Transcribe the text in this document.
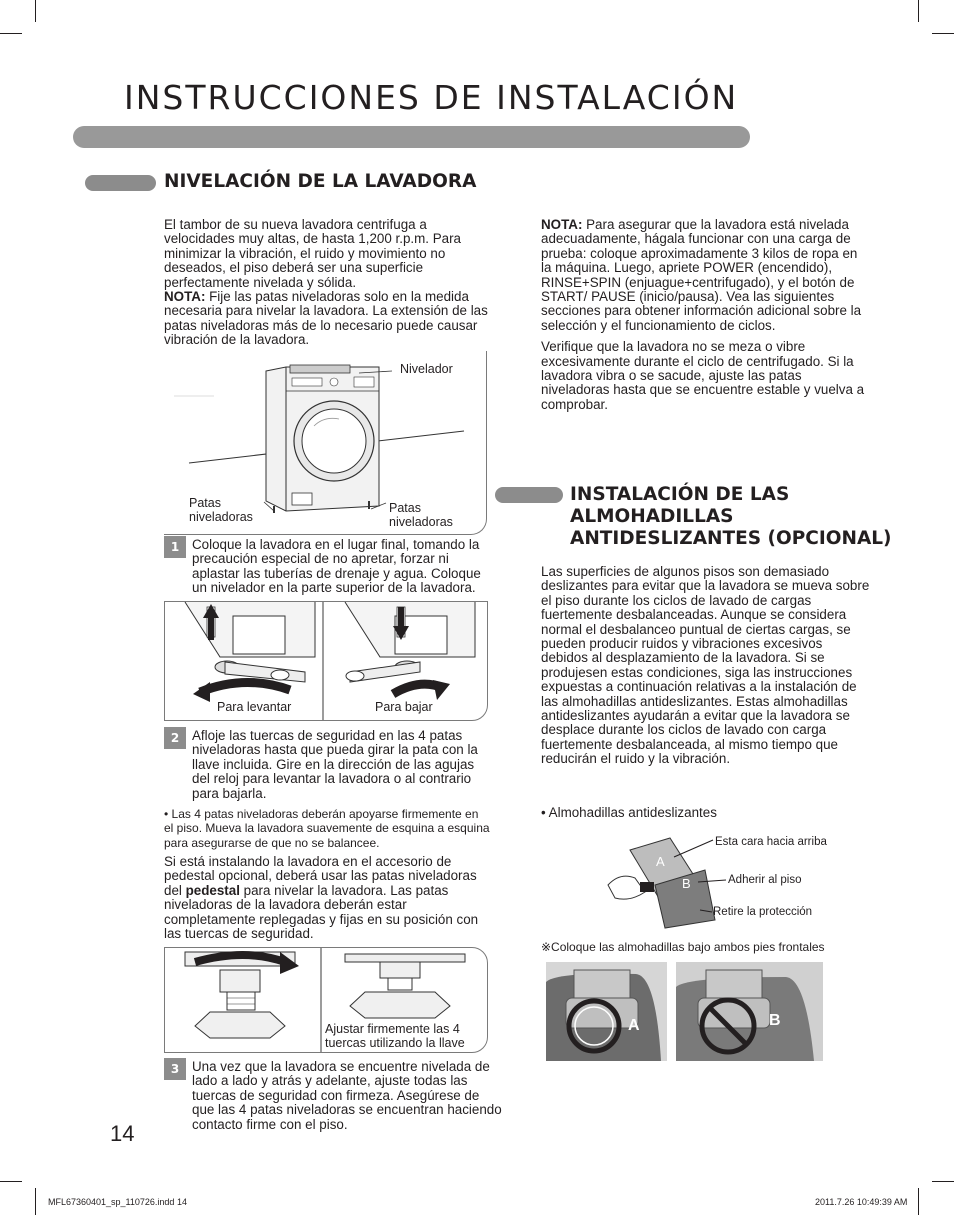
INSTRUCCIONES DE INSTALACIÓN
NIVELACIÓN DE LA LAVADORA

El tambor de su nueva lavadora centrifuga a velocidades muy altas, de hasta 1,200 r.p.m. Para minimizar la vibración, el ruido y movimiento no deseados, el piso deberá ser una superficie perfectamente nivelada y sólida.

NOTA: Fije las patas niveladoras solo en la medida necesaria para nivelar la lavadora. La extensión de las patas niveladoras más de lo necesario puede causar vibración de la lavadora.

Nivelador
Patas niveladoras
Patas niveladoras
1 Coloque la lavadora en el lugar final, tomando la precaución especial de no apretar, forzar ni aplastar las tuberías de drenaje y agua. Coloque un nivelador en la parte superior de la lavadora.
Para levantar	Para bajar
2 Afloje las tuercas de seguridad en las 4 patas niveladoras hasta que pueda girar la pata con la llave incluida. Gire en la dirección de las agujas del reloj para levantar la lavadora o al contrario para bajarla.
• Las 4 patas niveladoras deberán apoyarse firmemente en el piso. Mueva la lavadora suavemente de esquina a esquina para asegurarse de que no se balancee.
Si está instalando la lavadora en el accesorio de pedestal opcional, deberá usar las patas niveladoras del pedestal para nivelar la lavadora. Las patas niveladoras de la lavadora deberán estar completamente replegadas y fijas en su posición con las tuercas de seguridad.
Ajustar firmemente las 4 tuercas utilizando la llave
3 Una vez que la lavadora se encuentre nivelada de lado a lado y atrás y adelante, ajuste todas las tuercas de seguridad con firmeza. Asegúrese de que las 4 patas niveladoras se encuentran haciendo contacto firme con el piso.

NOTA: Para asegurar que la lavadora está nivelada adecuadamente, hágala funcionar con una carga de prueba: coloque aproximadamente 3 kilos de ropa en la máquina. Luego, apriete POWER (encendido), RINSE+SPIN (enjuague+centrifugado), y el botón de START/ PAUSE (inicio/pausa). Vea las siguientes secciones para obtener información adicional sobre la selección y el funcionamiento de ciclos.

Verifique que la lavadora no se meza o vibre excesivamente durante el ciclo de centrifugado. Si la lavadora vibra o se sacude, ajuste las patas niveladoras hasta que se encuentre estable y vuelva a comprobar.

INSTALACIÓN DE LAS
ALMOHADILLAS
ANTIDESLIZANTES (OPCIONAL)
Las superficies de algunos pisos son demasiado deslizantes para evitar que la lavadora se mueva sobre el piso durante los ciclos de lavado de cargas fuertemente desbalanceadas. Aunque se considera normal el desbalanceo puntual de ciertas cargas, se pueden producir ruidos y vibraciones excesivos debidos al desplazamiento de la lavadora. Si se produjesen estas condiciones, siga las instrucciones expuestas a continuación relativas a la instalación de las almohadillas antideslizantes. Estas almohadillas antideslizantes ayudarán a evitar que la lavadora se desplace durante los ciclos de lavado con carga fuertemente desbalanceada, al mismo tiempo que reducirán el ruido y la vibración.
• Almohadillas antideslizantes
A
B
Esta cara hacia arriba
Adherir al piso
Retire la protección
※Coloque las almohadillas bajo ambos pies frontales
A	B
14
MFL67360401_sp_110726.indd 14	2011.7.26 10:49:39 AM
